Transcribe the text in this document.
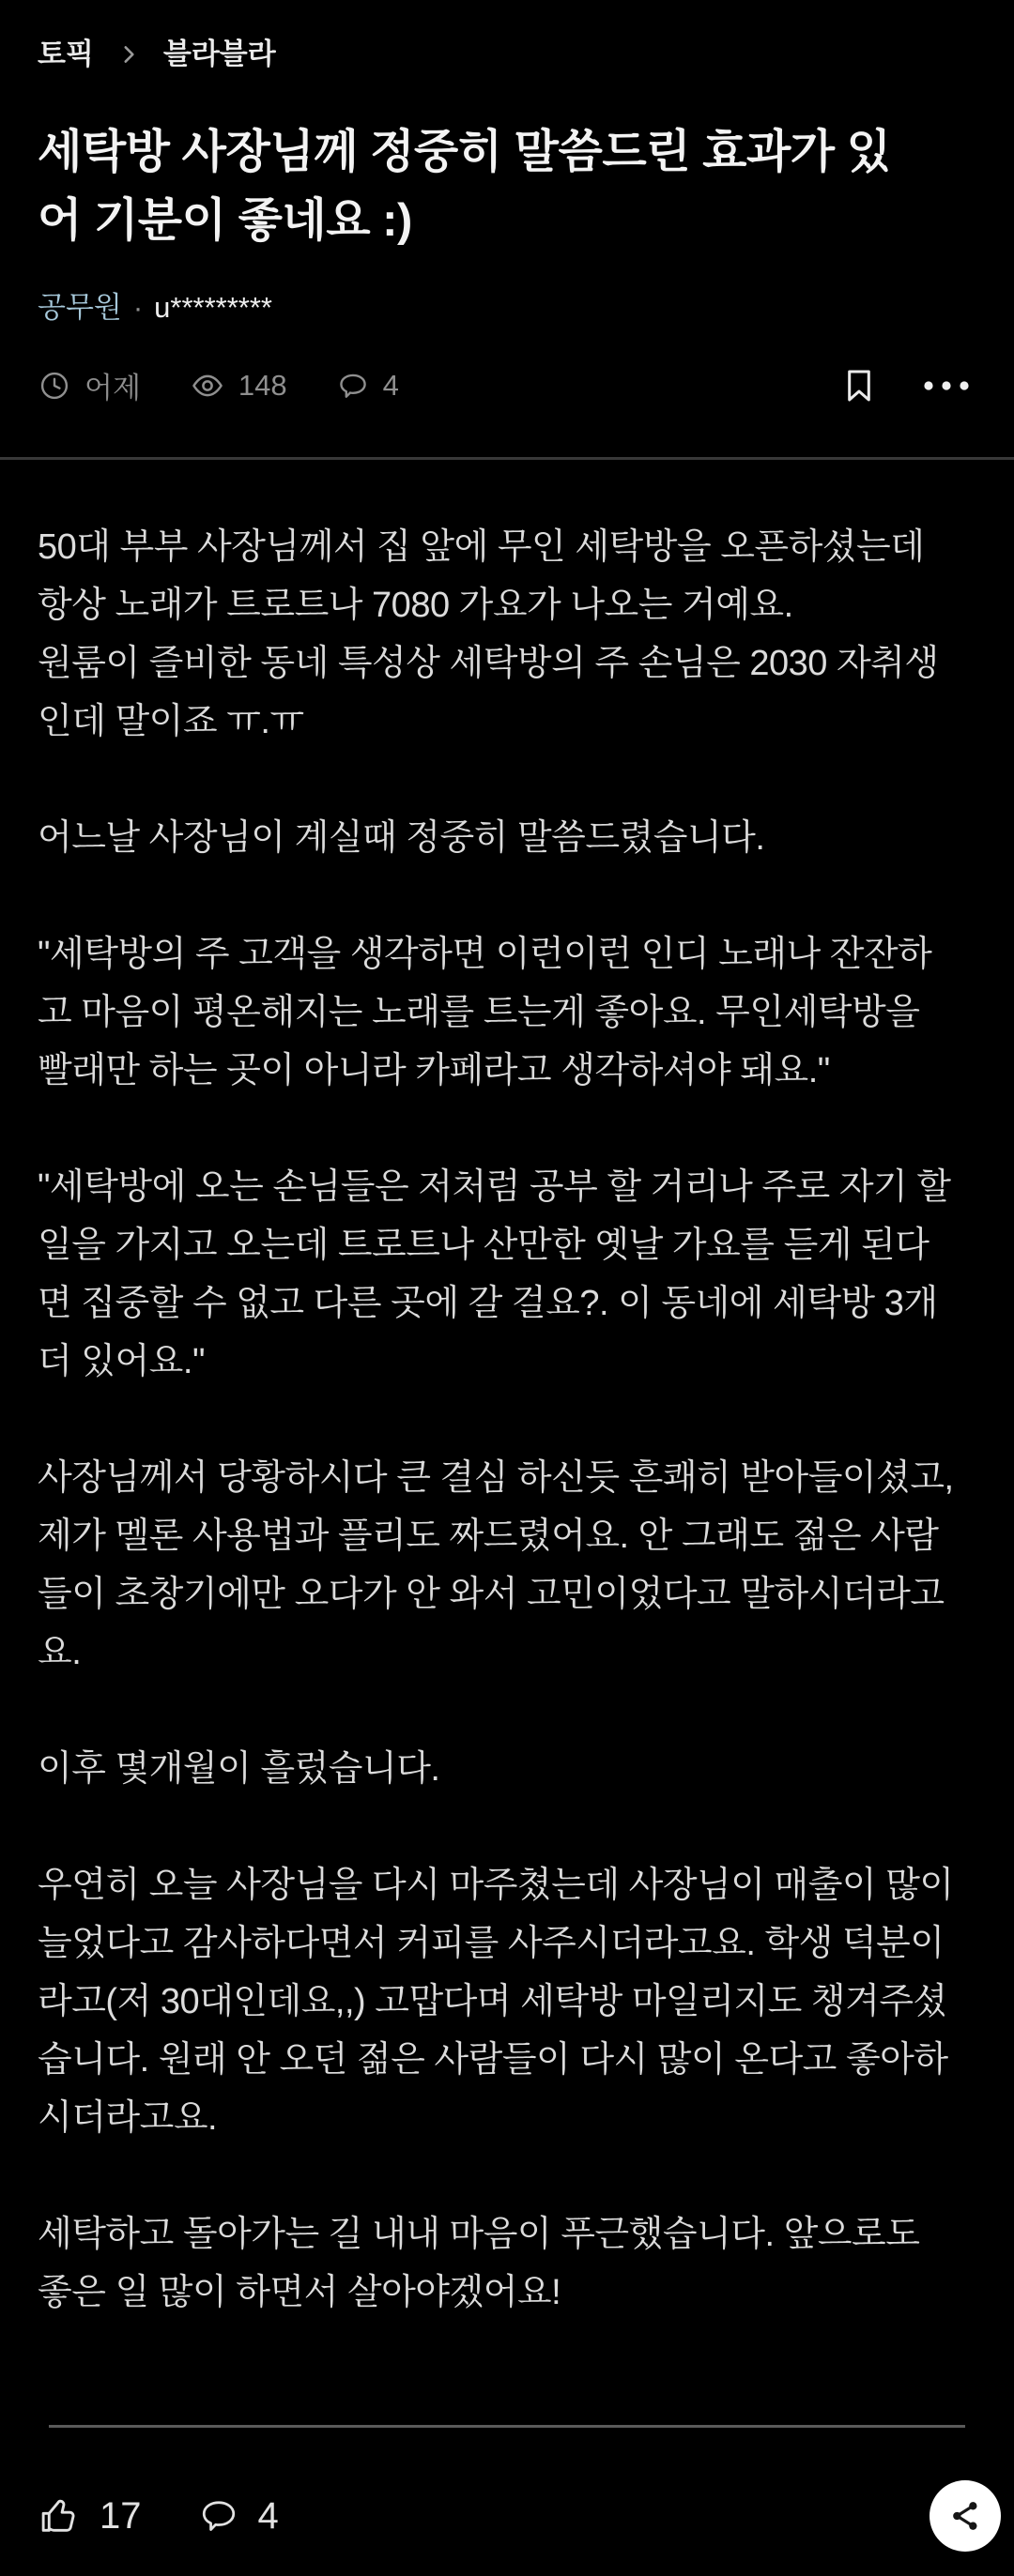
토픽 블라블라
세탁방 사장님께 정중히 말씀드린 효과가 있
어 기분이 좋네요 :)
공무원 · u*********
어제	148	4
50대 부부 사장님께서 집 앞에 무인 세탁방을 오픈하셨는데
항상 노래가 트로트나 7080 가요가 나오는 거예요.
원룸이 즐비한 동네 특성상 세탁방의 주 손님은 2030 자취생
인데 말이죠 ㅠ.ㅠ
어느날 사장님이 계실때 정중히 말씀드렸습니다.
"세탁방의 주 고객을 생각하면 이런이런 인디 노래나 잔잔하
고 마음이 평온해지는 노래를 트는게 좋아요. 무인세탁방을
빨래만 하는 곳이 아니라 카페라고 생각하셔야 돼요."
"세탁방에 오는 손님들은 저처럼 공부 할 거리나 주로 자기 할
일을 가지고 오는데 트로트나 산만한 옛날 가요를 듣게 된다
면 집중할 수 없고 다른 곳에 갈 걸요?. 이 동네에 세탁방 3개
더 있어요."
사장님께서 당황하시다 큰 결심 하신듯 흔쾌히 받아들이셨고,
제가 멜론 사용법과 플리도 짜드렸어요. 안 그래도 젊은 사람
들이 초창기에만 오다가 안 와서 고민이었다고 말하시더라고
요.
이후 몇개월이 흘렀습니다.
우연히 오늘 사장님을 다시 마주쳤는데 사장님이 매출이 많이
늘었다고 감사하다면서 커피를 사주시더라고요. 학생 덕분이
라고(저 30대인데요,,) 고맙다며 세탁방 마일리지도 챙겨주셨
습니다. 원래 안 오던 젊은 사람들이 다시 많이 온다고 좋아하
시더라고요.
세탁하고 돌아가는 길 내내 마음이 푸근했습니다. 앞으로도
좋은 일 많이 하면서 살아야겠어요!
17	4
